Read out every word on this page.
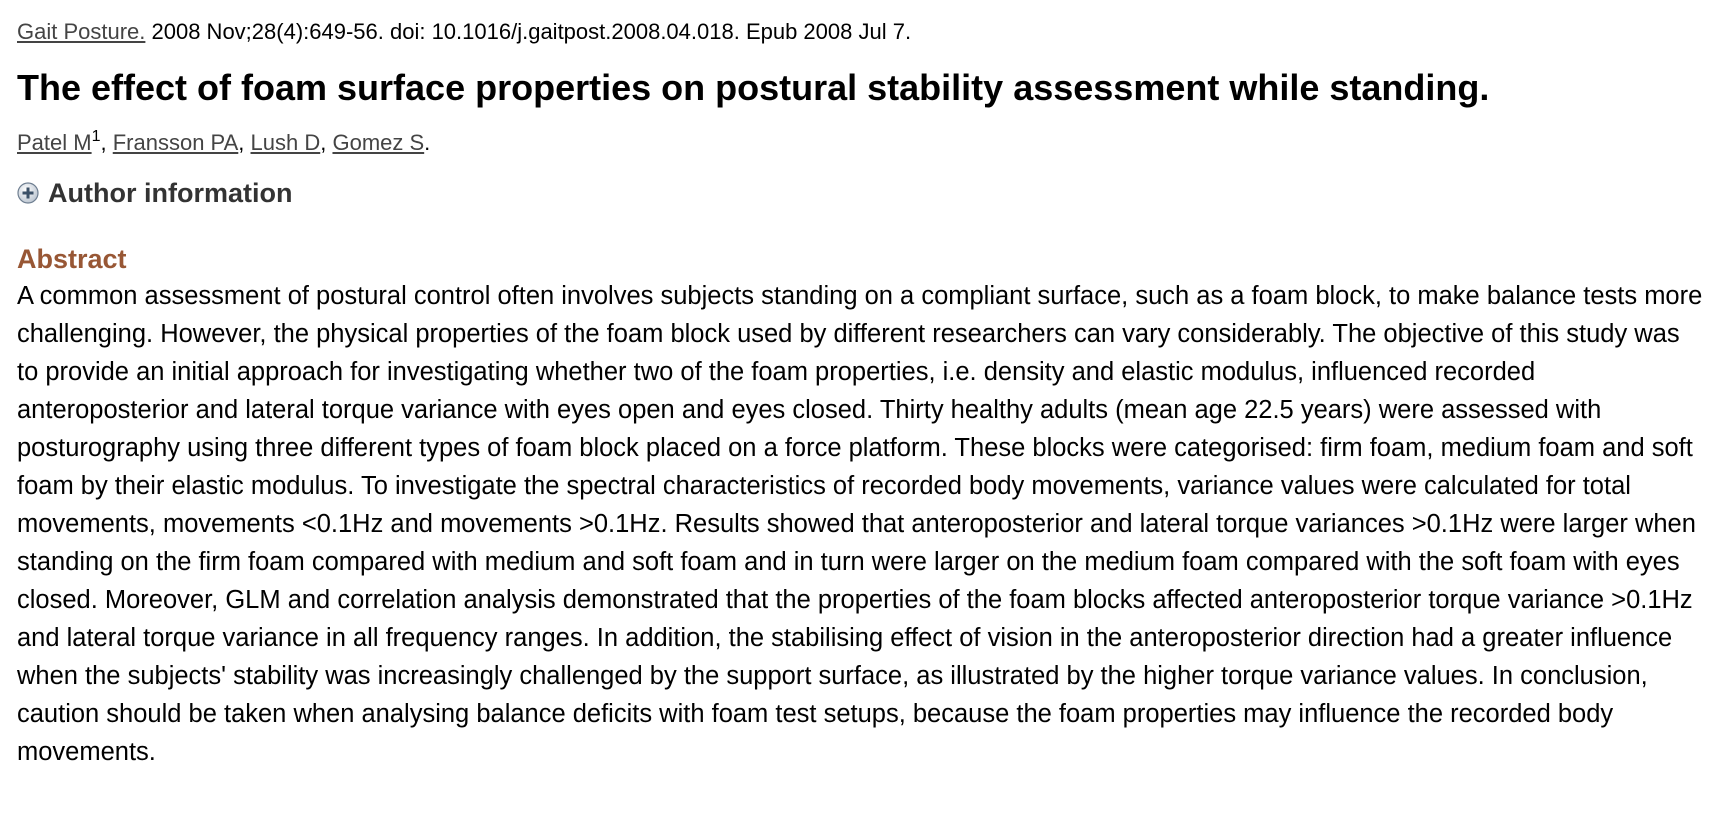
Gait Posture. 2008 Nov;28(4):649-56. doi: 10.1016/j.gaitpost.2008.04.018. Epub 2008 Jul 7.
The effect of foam surface properties on postural stability assessment while standing.
Patel $M^1$, Fransson PA, Lush D, Gomez S.
Author information
Abstract

A common assessment of postural control often involves subjects standing on a compliant surface, such as a foam block, to make balance tests more challenging. However, the physical properties of the foam block used by different researchers can vary considerably. The objective of this study was to provide an initial approach for investigating whether two of the foam properties, i.e. density and elastic modulus, influenced recorded anteroposterior and lateral torque variance with eyes open and eyes closed. Thirty healthy adults (mean age 22.5 years) were assessed with posturography using three different types of foam block placed on a force platform. These blocks were categorised: firm foam, medium foam and soft foam by their elastic modulus. To investigate the spectral characteristics of recorded body movements, variance values were calculated for total movements, movements <0.1Hz and movements >0.1Hz. Results showed that anteroposterior and lateral torque variances >0.1Hz were larger when standing on the firm foam compared with medium and soft foam and in turn were larger on the medium foam compared with the soft foam with eyes closed. Moreover, GLM and correlation analysis demonstrated that the properties of the foam blocks affected anteroposterior torque variance >0.1Hz and lateral torque variance in all frequency ranges. In addition, the stabilising effect of vision in the anteroposterior direction had a greater influence when the subjects' stability was increasingly challenged by the support surface, as illustrated by the higher torque variance values. In conclusion, caution should be taken when analysing balance deficits with foam test setups, because the foam properties may influence the recorded body movements.
